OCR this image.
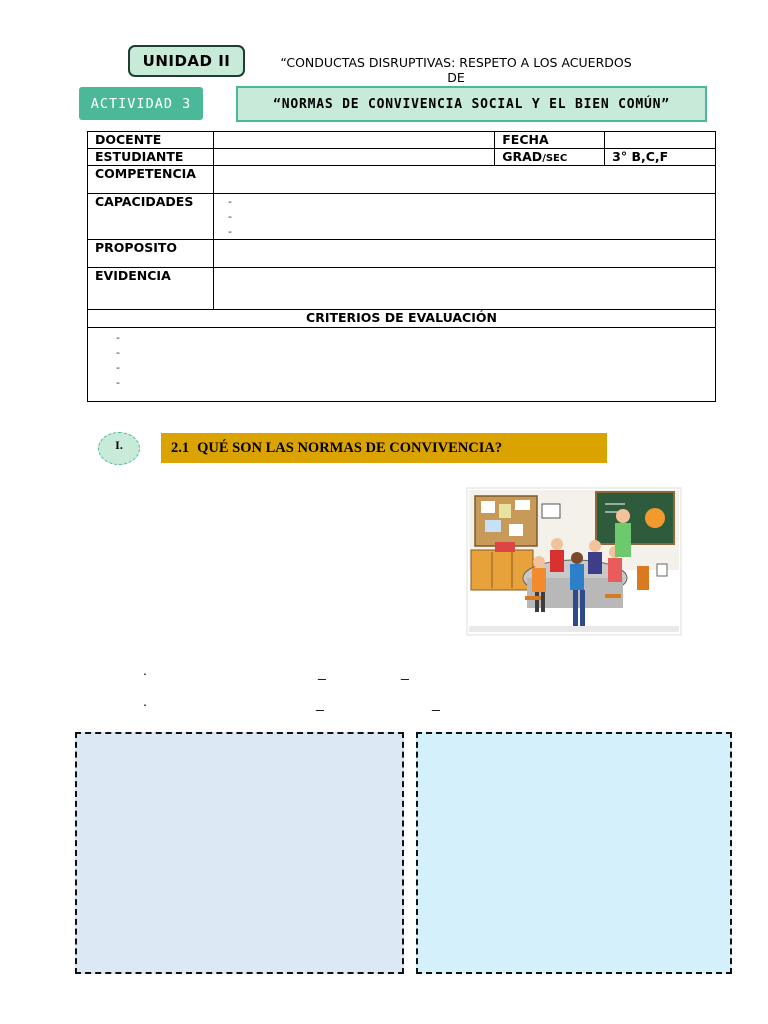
UNIDAD II	“CONDUCTAS DISRUPTIVAS: RESPETO A LOS ACUERDOS DE
ACTIVIDAD 3	“NORMAS DE CONVIVENCIA SOCIAL Y EL BIEN COMÚN”
DOCENTE		FECHA	
ESTUDIANTE		GRAD/SEC	3° B,C,F
COMPETENCIA			
CAPACIDADES	-
-
-		

PROPOSITO			
EVIDENCIA			
CRITERIOS DE EVALUACIÓN			

-
-
-
-			
I.	2.1 QUÉ SON LAS NORMAS DE CONVIVENCIA?
.	_	_
.	_	_
